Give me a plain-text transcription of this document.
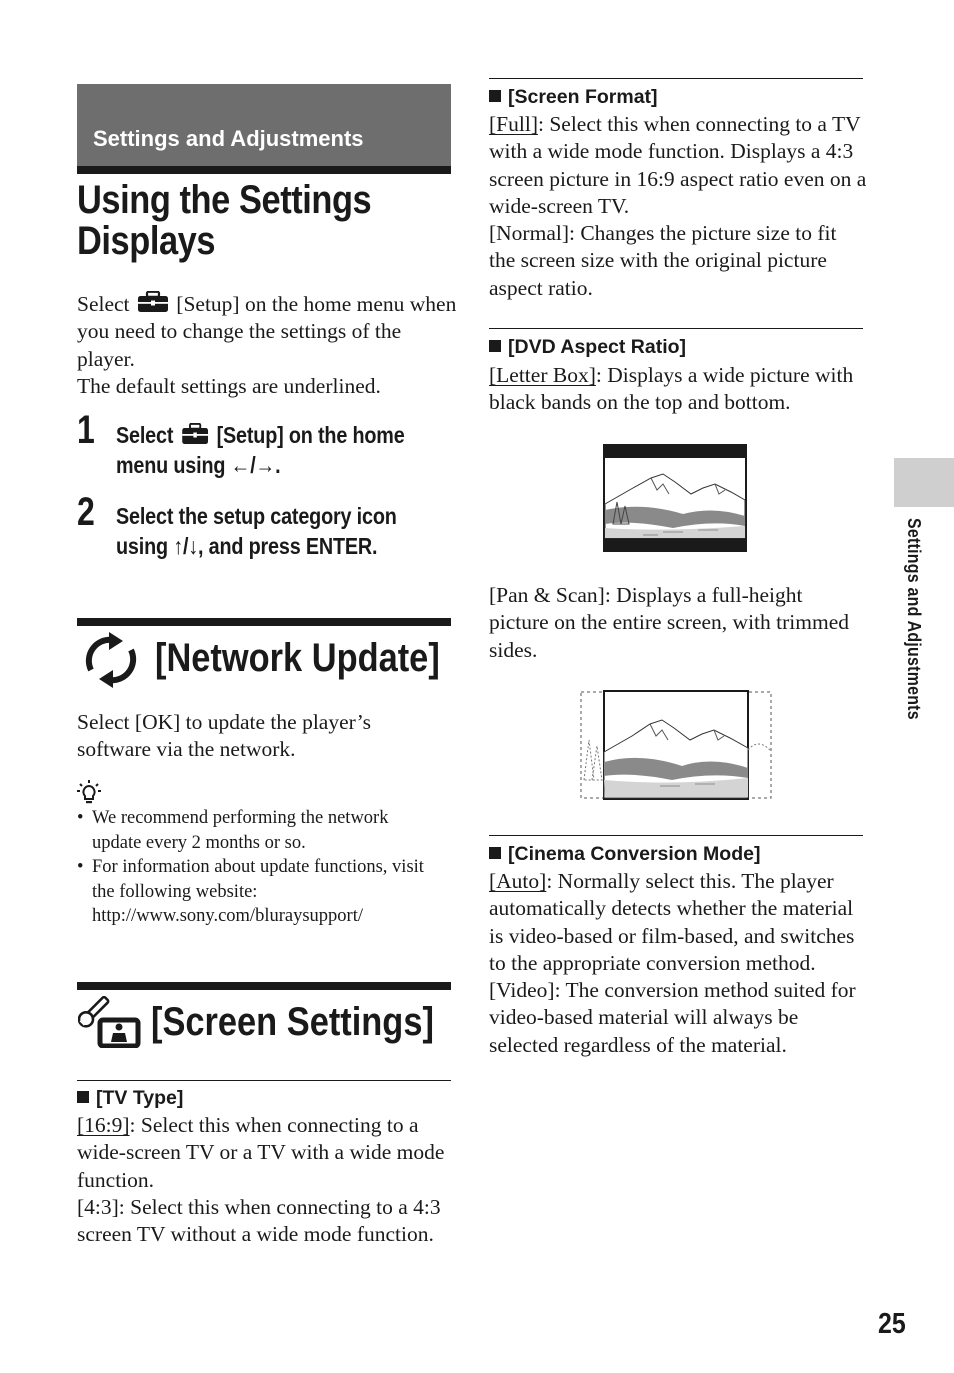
Settings and Adjustments
Using the Settings Displays
Select [Setup] on the home menu when you need to change the settings of the player.
The default settings are underlined.
1 Select [Setup] on the home menu using ←/→.
2 Select the setup category icon using ↑/↓, and press ENTER.
[Network Update]
Select [OK] to update the player’s software via the network.
• We recommend performing the network update every 2 months or so.
• For information about update functions, visit the following website:
http://www.sony.com/bluraysupport/
[Screen Settings]
[TV Type]
[16:9]: Select this when connecting to a wide-screen TV or a TV with a wide mode function.
[4:3]: Select this when connecting to a 4:3 screen TV without a wide mode function.
[Screen Format]
[Full]: Select this when connecting to a TV with a wide mode function. Displays a 4:3 screen picture in 16:9 aspect ratio even on a wide-screen TV.
[Normal]: Changes the picture size to fit the screen size with the original picture aspect ratio.
[DVD Aspect Ratio]
[Letter Box]: Displays a wide picture with black bands on the top and bottom.
[Pan & Scan]: Displays a full-height picture on the entire screen, with trimmed sides.
[Cinema Conversion Mode]
[Auto]: Normally select this. The player automatically detects whether the material is video-based or film-based, and switches to the appropriate conversion method.
[Video]: The conversion method suited for video-based material will always be selected regardless of the material.
Settings and Adjustments
25
